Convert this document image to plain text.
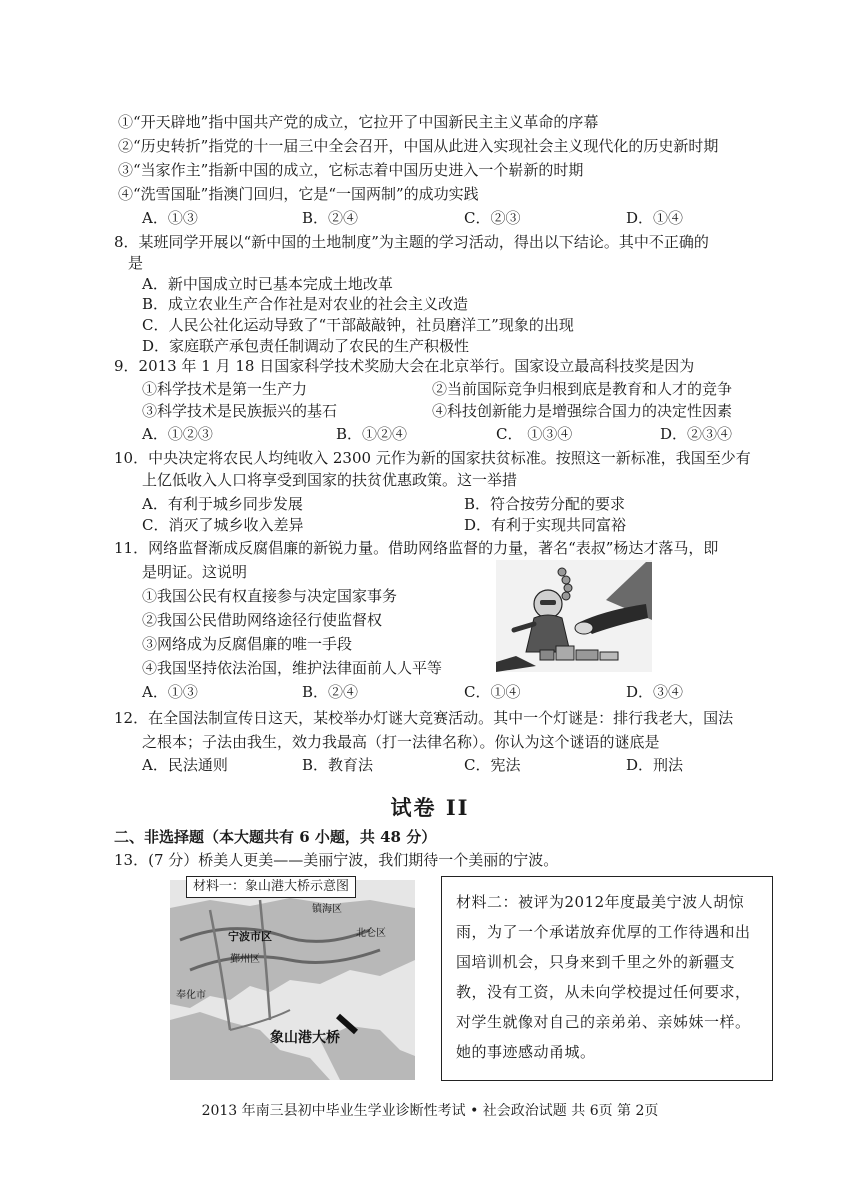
①“开天辟地”指中国共产党的成立，它拉开了中国新民主主义革命的序幕
②“历史转折”指党的十一届三中全会召开，中国从此进入实现社会主义现代化的历史新时期
③“当家作主”指新中国的成立，它标志着中国历史进入一个崭新的时期
④“洗雪国耻”指澳门回归，它是“一国两制”的成功实践
A．①③	B．②④	C．②③	D．①④
8．某班同学开展以“新中国的土地制度”为主题的学习活动，得出以下结论。其中不正确的
是
A．新中国成立时已基本完成土地改革
B．成立农业生产合作社是对农业的社会主义改造
C．人民公社化运动导致了“干部敲敲钟，社员磨洋工”现象的出现
D．家庭联产承包责任制调动了农民的生产积极性
9．2013 年 1 月 18 日国家科学技术奖励大会在北京举行。国家设立最高科技奖是因为
①科学技术是第一生产力	②当前国际竞争归根到底是教育和人才的竞争
③科学技术是民族振兴的基石	④科技创新能力是增强综合国力的决定性因素
A．①②③	B．①②④	C． ①③④	D．②③④
10．中央决定将农民人均纯收入 2300 元作为新的国家扶贫标准。按照这一新标准，我国至少有
上亿低收入人口将享受到国家的扶贫优惠政策。这一举措
A．有利于城乡同步发展	B．符合按劳分配的要求
C．消灭了城乡收入差异	D．有利于实现共同富裕
11．网络监督渐成反腐倡廉的新锐力量。借助网络监督的力量，著名“表叔”杨达才落马，即
是明证。这说明
①我国公民有权直接参与决定国家事务
②我国公民借助网络途径行使监督权
③网络成为反腐倡廉的唯一手段
④我国坚持依法治国，维护法律面前人人平等
A．①③	B．②④	C．①④	D．③④
12．在全国法制宣传日这天，某校举办灯谜大竞赛活动。其中一个灯谜是：排行我老大，国法
之根本；子法由我生，效力我最高（打一法律名称）。你认为这个谜语的谜底是
A．民法通则	B．教育法	C．宪法	D．刑法
试卷 II
二、非选择题（本大题共有 6 小题，共 48 分）
13．(7 分）桥美人更美——美丽宁波，我们期待一个美丽的宁波。
镇海区
宁波市区	北仑区
鄞州区
奉化市
象山港大桥
材料一：象山港大桥示意图
材料二：被评为2012年度最美宁波人胡惊雨，为了一个承诺放弃优厚的工作待遇和出国培训机会，只身来到千里之外的新疆支教，没有工资，从未向学校提过任何要求，对学生就像对自己的亲弟弟、亲姊妹一样。她的事迹感动甬城。
2013 年南三县初中毕业生学业诊断性考试 • 社会政治试题 共 6页 第 2页
